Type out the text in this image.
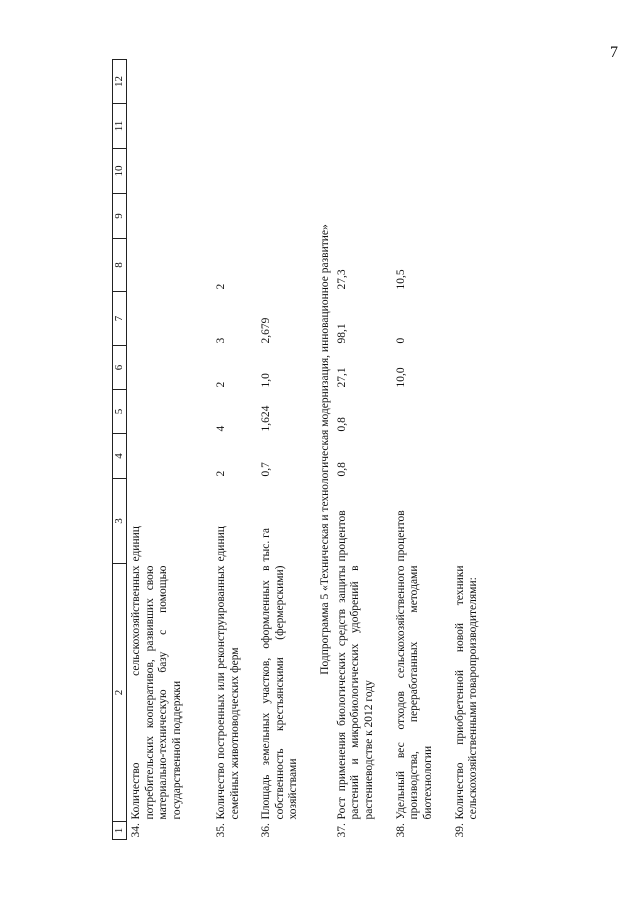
7
1	2	3	4	5	6	7	8	9	10	11	12
34.	Количество сельскохозяйственных потребительских кооперативов, развивших свою материально-техническую базу с помощью государственной поддержки	единиц									
35.	Количество построенных или реконструированных семейных животноводческих ферм	единиц	2	4	2	3	2				
36.	Площадь земельных участков, оформленных в собственность крестьянскими (фермерскими) хозяйствами	тыс. га	0,7	1,624	1,0	2,679					
Подпрограмма 5 «Техническая и технологическая модернизация, инновационное развитие»											
37.	Рост применения биологических средств защиты растений и микробиологических удобрений в растениеводстве к 2012 году	процентов	0,8	0,8	27,1	98,1	27,3				
38.	Удельный вес отходов сельскохозяйственного производства, переработанных методами биотехнологии	процентов			10,0	0	10,5				
39.	Количество приобретенной новой техники сельскохозяйственными товаропроизводителями:										
